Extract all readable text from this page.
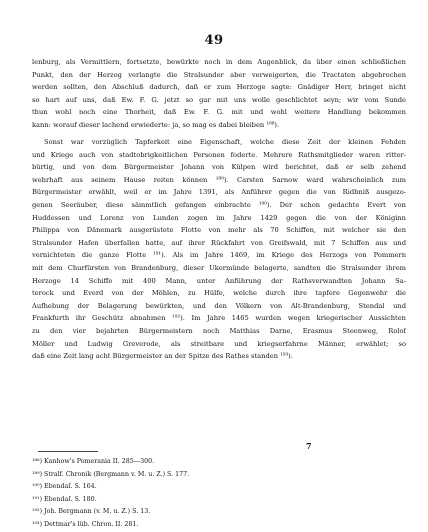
49
lenburg, als Vermittlern, fortsetzte, bewürkte noch in dem Augenblick, da über einen schließlichen
Punkt, den der Herzog verlangte die Stralsunder aber verweigerten, die Tractaten abgebrochen
werden sollten, den Abschluß dadurch, daß er zum Herzoge sagte: Gnädiger Herr, bringet nicht
so hart auf uns, daß Ew. F. G. jetzt so gar mit uns wolle geschlichtet seyn; wir vom Sunde
thun wohl noch eine Thorheit, daß Ew. F. G. mit und wohl weitere Handlung bekommen
kann: worauf dieser lachend erwiederte: ja, so mag es dabei bleiben ¹⁸⁸).
Sonst war vorzüglich Tapferkeit eine Eigenschaft, welche diese Zeit der kleinen Fehden
und Kriege auch von stadtobrigkeitlichen Personen foderte. Mehrere Rathsmitglieder waren ritter-
bürtig, und von dem Bürgermeister Johann von Külpen wird berichtet, daß er selb zehend
wehrhaft aus seinem Hause reiten können ¹⁸⁹). Carsten Sarnow ward wahrscheinlich zum
Bürgermeister erwählt, weil er im Jahre 1391, als Anführer gegen die von Ridbniß ausgezo-
genen Seeräuber, diese sämmtlich gefangen einbrachte ¹⁹⁰). Der schon gedachte Evert von
Huddessen und Lorenz von Lunden zogen im Jahre 1429 gegen die von der Königinn
Philippa von Dänemark ausgerüstete Flotte von mehr als 70 Schiffen, mit welcher sie den
Stralsunder Hafen überfallen hatte, auf ihrer Rückfahrt von Greifswald, mit 7 Schiffen aus und
vernichteten die ganze Flotte ¹⁹¹). Als im Jahre 1469, im Kriege des Herzogs von Pommern
mit dem Churfürsten von Brandenburg, dieser Ukermünde belagerte, sandten die Stralsunder ihrem
Herzoge 14 Schiffe mit 400 Mann, unter Anführung der Rathsverwandten Johann Sa-
terock und Everd von der Möhlen, zu Hülfe, welche durch ihre tapfere Gegenwehr die
Aufhebung der Belagerung bewürkten, und den Völkern von Alt-Brandenburg, Stendal und
Frankfurth ihr Geschütz abnahmen ¹⁹²). Im Jahre 1465 wurden wegen kriegerischer Aussichten
zu den vier bejahrten Bürgermeistern noch Matthias Darne, Erasmus Steenweg, Rolof
Möller und Ludwig Greverode, als streitbare und kriegserfahrne Männer, erwählet; so
daß eine Zeit lang acht Bürgermeister an der Spitze des Rathes standen ¹⁹³).
¹⁸⁸) Kanhow's Pomerania II. 285—300.
¹⁸⁹) Stralf. Chronik (Bergmann v. M. u. Z.) S. 177.
¹⁹⁰) Ebendaſ. S. 164.
¹⁹¹) Ebendaſ. S. 180.
¹⁹²) Joh. Bergmann (v. M. u. Z.) S. 13.
¹⁹³) Dettmar's lüb. Chron. II. 281.
7
